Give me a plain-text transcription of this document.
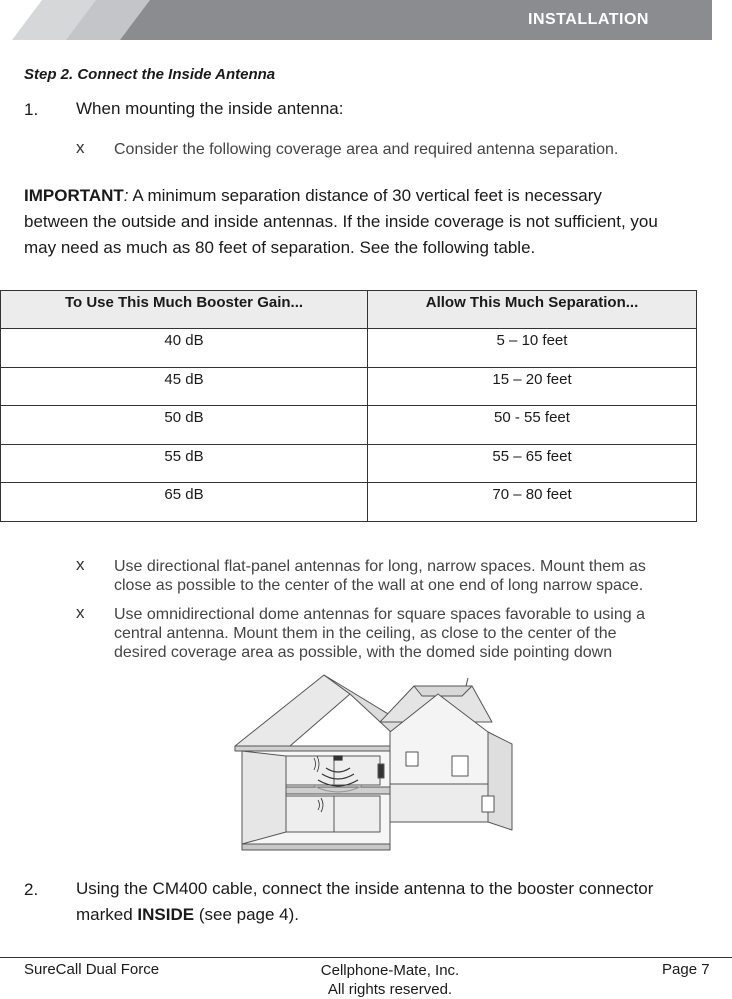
INSTALLATION
Step 2. Connect the Inside Antenna
1. When mounting the inside antenna:
x Consider the following coverage area and required antenna separation.
IMPORTANT: A minimum separation distance of 30 vertical feet is necessary
between the outside and inside antennas. If the inside coverage is not sufficient, you
may need as much as 80 feet of separation. See the following table.
To Use This Much Booster Gain...	Allow This Much Separation...
40 dB	5 – 10 feet
45 dB	15 – 20 feet
50 dB	50 - 55 feet
55 dB	55 – 65 feet
65 dB	70 – 80 feet
x Use directional flat-panel antennas for long, narrow spaces. Mount them as
close as possible to the center of the wall at one end of long narrow space.
x Use omnidirectional dome antennas for square spaces favorable to using a
central antenna. Mount them in the ceiling, as close to the center of the
desired coverage area as possible, with the domed side pointing down
2. Using the CM400 cable, connect the inside antenna to the booster connector
marked INSIDE (see page 4).
SureCall Dual Force	Cellphone-Mate, Inc.
All rights reserved.
Page 7
